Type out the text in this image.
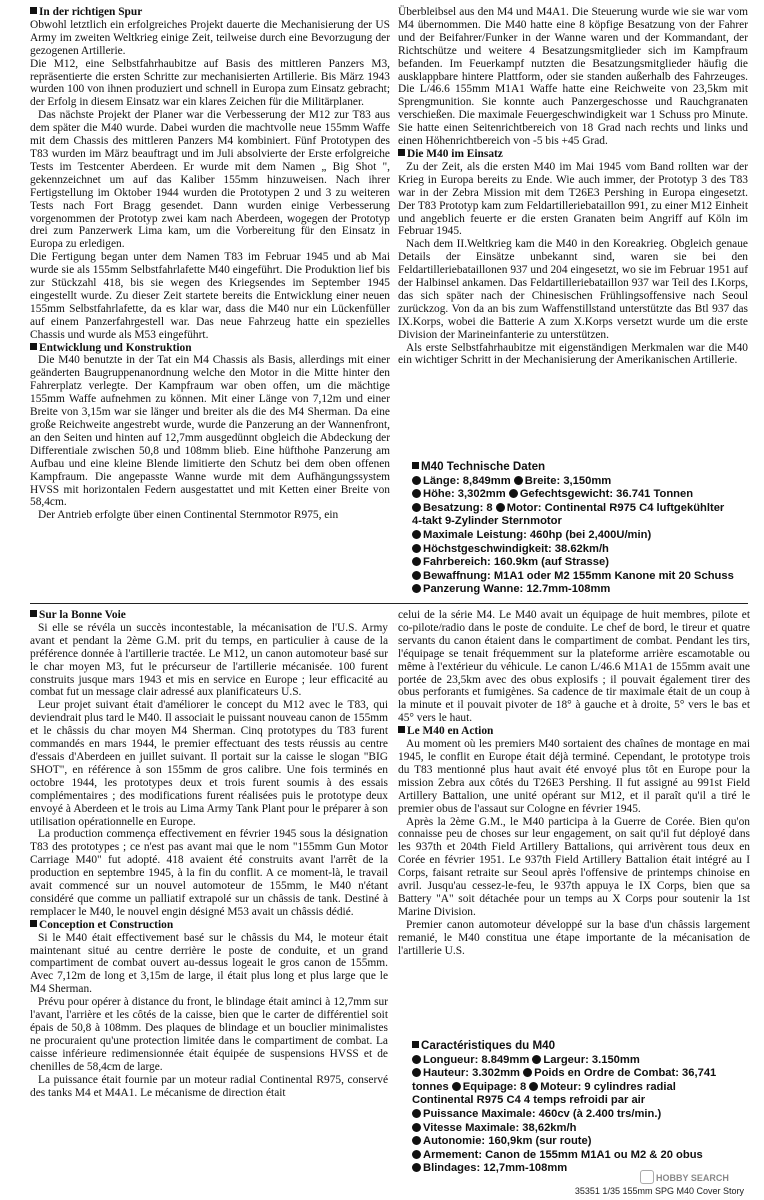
In der richtigen Spur

Obwohl letztlich ein erfolgreiches Projekt dauerte die Mechanisierung der US Army im zweiten Weltkrieg einige Zeit, teilweise durch eine Bevorzugung der gezogenen Artillerie.

Die M12, eine Selbstfahrhaubitze auf Basis des mittleren Panzers M3, repräsentierte die ersten Schritte zur mechanisierten Artillerie. Bis März 1943 wurden 100 von ihnen produziert und schnell in Europa zum Einsatz gebracht; der Erfolg in diesem Einsatz war ein klares Zeichen für die Militärplaner.

Das nächste Projekt der Planer war die Verbesserung der M12 zur T83 aus dem später die M40 wurde. Dabei wurden die machtvolle neue 155mm Waffe mit dem Chassis des mittleren Panzers M4 kombiniert. Fünf Prototypen des T83 wurden im März beauftragt und im Juli absolvierte der Erste erfolgreiche Tests im Testcenter Aberdeen. Er wurde mit dem Namen „ Big Shot ", gekennzeichnet um auf das Kaliber 155mm hinzuweisen. Nach ihrer Fertigstellung im Oktober 1944 wurden die Prototypen 2 und 3 zu weiteren Tests nach Fort Bragg gesendet. Dann wurden einige Verbesserung vorgenommen der Prototyp zwei kam nach Aberdeen, wogegen der Prototyp drei zum Panzerwerk Lima kam, um die Vorbereitung für den Einsatz in Europa zu erledigen.

Die Fertigung began unter dem Namen T83 im Februar 1945 und ab Mai wurde sie als 155mm Selbstfahrlafette M40 eingeführt. Die Produktion lief bis zur Stückzahl 418, bis sie wegen des Kriegsendes im September 1945 eingestellt wurde. Zu dieser Zeit startete bereits die Entwicklung einer neuen 155mm Selbstfahrlafette, da es klar war, dass die M40 nur ein Lückenfüller auf einem Panzerfahrgestell war. Das neue Fahrzeug hatte ein spezielles Chassis und wurde als M53 eingeführt.

Entwicklung und Konstruktion

Die M40 benutzte in der Tat ein M4 Chassis als Basis, allerdings mit einer geänderten Baugruppenanordnung welche den Motor in die Mitte hinter den Fahrerplatz verlegte. Der Kampfraum war oben offen, um die mächtige 155mm Waffe aufnehmen zu können. Mit einer Länge von 7,12m und einer Breite von 3,15m war sie länger und breiter als die des M4 Sherman. Da eine große Reichweite angestrebt wurde, wurde die Panzerung an der Wannenfront, an den Seiten und hinten auf 12,7mm ausgedünnt obgleich die Abdeckung der Differentiale zwischen 50,8 und 108mm blieb. Eine hüfthohe Panzerung am Aufbau und eine kleine Blende limitierte den Schutz bei dem oben offenen Kampfraum. Die angepasste Wanne wurde mit dem Aufhängungssystem HVSS mit horizontalen Federn ausgestattet und mit Ketten einer Breite von 58,4cm.

Der Antrieb erfolgte über einen Continental Sternmotor R975, ein

Überbleibsel aus den M4 und M4A1. Die Steuerung wurde wie sie war vom M4 übernommen. Die M40 hatte eine 8 köpfige Besatzung von der Fahrer und der Beifahrer/Funker in der Wanne waren und der Kommandant, der Richtschütze und weitere 4 Besatzungsmitglieder sich im Kampfraum befanden. Im Feuerkampf nutzten die Besatzungsmitglieder häufig die ausklappbare hintere Plattform, oder sie standen außerhalb des Fahrzeuges. Die L/46.6 155mm M1A1 Waffe hatte eine Reichweite von 23,5km mit Sprengmunition. Sie konnte auch Panzergeschosse und Rauchgranaten verschießen. Die maximale Feuergeschwindigkeit war 1 Schuss pro Minute. Sie hatte einen Seitenrichtbereich von 18 Grad nach rechts und links und einen Höhenrichtbereich von -5 bis +45 Grad.

Die M40 im Einsatz

Zu der Zeit, als die ersten M40 im Mai 1945 vom Band rollten war der Krieg in Europa bereits zu Ende. Wie auch immer, der Prototyp 3 des T83 war in der Zebra Mission mit dem T26E3 Pershing in Europa eingesetzt. Der T83 Prototyp kam zum Feldartilleriebataillon 991, zu einer M12 Einheit und angeblich feuerte er die ersten Granaten beim Angriff auf Köln im Februar 1945.

Nach dem II.Weltkrieg kam die M40 in den Koreakrieg. Obgleich genaue Details der Einsätze unbekannt sind, waren sie bei den Feldartilleriebataillonen 937 und 204 eingesetzt, wo sie im Februar 1951 auf der Halbinsel ankamen. Das Feldartilleriebataillon 937 war Teil des I.Korps, das sich später nach der Chinesischen Frühlingsoffensive nach Seoul zurückzog. Von da an bis zum Waffenstillstand unterstützte das Btl 937 das IX.Korps, wobei die Batterie A zum X.Korps versetzt wurde um die erste Division der Marineinfanterie zu unterstützen.

Als erste Selbstfahrhaubitze mit eigenständigen Merkmalen war die M40 ein wichtiger Schritt in der Mechanisierung der Amerikanischen Artillerie.

M40 Technische Daten
Länge: 8,849mm Breite: 3,150mm
Höhe: 3,302mm Gefechtsgewicht: 36.741 Tonnen
Besatzung: 8 Motor: Continental R975 C4 luftgekühlter
4-takt 9-Zylinder Sternmotor
Maximale Leistung: 460hp (bei 2,400U/min)
Höchstgeschwindigkeit: 38.62km/h
Fahrbereich: 160.9km (auf Strasse)
Bewaffnung: M1A1 oder M2 155mm Kanone mit 20 Schuss
Panzerung Wanne: 12.7mm-108mm
Sur la Bonne Voie

Si elle se révéla un succès incontestable, la mécanisation de l'U.S. Army avant et pendant la 2ème G.M. prit du temps, en particulier à cause de la préférence donnée à l'artillerie tractée. Le M12, un canon automoteur basé sur le char moyen M3, fut le précurseur de l'artillerie mécanisée. 100 furent construits jusque mars 1943 et mis en service en Europe ; leur efficacité au combat fut un message clair adressé aux planificateurs U.S.

Leur projet suivant était d'améliorer le concept du M12 avec le T83, qui deviendrait plus tard le M40. Il associait le puissant nouveau canon de 155mm et le châssis du char moyen M4 Sherman. Cinq prototypes du T83 furent commandés en mars 1944, le premier effectuant des tests réussis au centre d'essais d'Aberdeen en juillet suivant. Il portait sur la caisse le slogan "BIG SHOT", en référence à son 155mm de gros calibre. Une fois terminés en octobre 1944, les prototypes deux et trois furent soumis à des essais complémentaires ; des modifications furent réalisées puis le prototype deux envoyé à Aberdeen et le trois au Lima Army Tank Plant pour le préparer à son utilisation opérationnelle en Europe.

La production commença effectivement en février 1945 sous la désignation T83 des prototypes ; ce n'est pas avant mai que le nom "155mm Gun Motor Carriage M40" fut adopté. 418 avaient été construits avant l'arrêt de la production en septembre 1945, à la fin du conflit. A ce moment-là, le travail avait commencé sur un nouvel automoteur de 155mm, le M40 n'étant considéré que comme un palliatif extrapolé sur un châssis de tank. Destiné à remplacer le M40, le nouvel engin désigné M53 avait un châssis dédié.

Conception et Construction

Si le M40 était effectivement basé sur le châssis du M4, le moteur était maintenant situé au centre derrière le poste de conduite, et un grand compartiment de combat ouvert au-dessus logeait le gros canon de 155mm. Avec 7,12m de long et 3,15m de large, il était plus long et plus large que le M4 Sherman.

Prévu pour opérer à distance du front, le blindage était aminci à 12,7mm sur l'avant, l'arrière et les côtés de la caisse, bien que le carter de différentiel soit épais de 50,8 à 108mm. Des plaques de blindage et un bouclier minimalistes ne procuraient qu'une protection limitée dans le compartiment de combat. La caisse inférieure redimensionnée était équipée de suspensions HVSS et de chenilles de 58,4cm de large.

La puissance était fournie par un moteur radial Continental R975, conservé des tanks M4 et M4A1. Le mécanisme de direction était

celui de la série M4. Le M40 avait un équipage de huit membres, pilote et co-pilote/radio dans le poste de conduite. Le chef de bord, le tireur et quatre servants du canon étaient dans le compartiment de combat. Pendant les tirs, l'équipage se tenait fréquemment sur la plateforme arrière escamotable ou même à l'extérieur du véhicule. Le canon L/46.6 M1A1 de 155mm avait une portée de 23,5km avec des obus explosifs ; il pouvait également tirer des obus perforants et fumigènes. Sa cadence de tir maximale était de un coup à la minute et il pouvait pivoter de 18° à gauche et à droite, 5° vers le bas et 45° vers le haut.

Le M40 en Action

Au moment où les premiers M40 sortaient des chaînes de montage en mai 1945, le conflit en Europe était déjà terminé. Cependant, le prototype trois du T83 mentionné plus haut avait été envoyé plus tôt en Europe pour la mission Zebra aux côtés du T26E3 Pershing. Il fut assigné au 991st Field Artillery Battalion, une unité opérant sur M12, et il paraît qu'il a tiré le premier obus de l'assaut sur Cologne en février 1945.

Après la 2ème G.M., le M40 participa à la Guerre de Corée. Bien qu'on connaisse peu de choses sur leur engagement, on sait qu'il fut déployé dans les 937th et 204th Field Artillery Battalions, qui arrivèrent tous deux en Corée en février 1951. Le 937th Field Artillery Battalion était intégré au I Corps, faisant retraite sur Seoul après l'offensive de printemps chinoise en avril. Jusqu'au cessez-le-feu, le 937th appuya le IX Corps, bien que sa Battery "A" soit détachée pour un temps au X Corps pour soutenir la 1st Marine Division.

Premier canon automoteur développé sur la base d'un châssis largement remanié, le M40 constitua une étape importante de la mécanisation de l'artillerie U.S.

Caractéristiques du M40
Longueur: 8.849mm Largeur: 3.150mm
Hauteur: 3.302mm Poids en Ordre de Combat: 36,741
tonnes Equipage: 8 Moteur: 9 cylindres radial
Continental R975 C4 4 temps refroidi par air
Puissance Maximale: 460cv (à 2.400 trs/min.)
Vitesse Maximale: 38,62km/h
Autonomie: 160,9km (sur route)
Armement: Canon de 155mm M1A1 ou M2 & 20 obus
Blindages: 12,7mm-108mm
HOBBY SEARCH
35351 1/35 155mm SPG M40 Cover Story
